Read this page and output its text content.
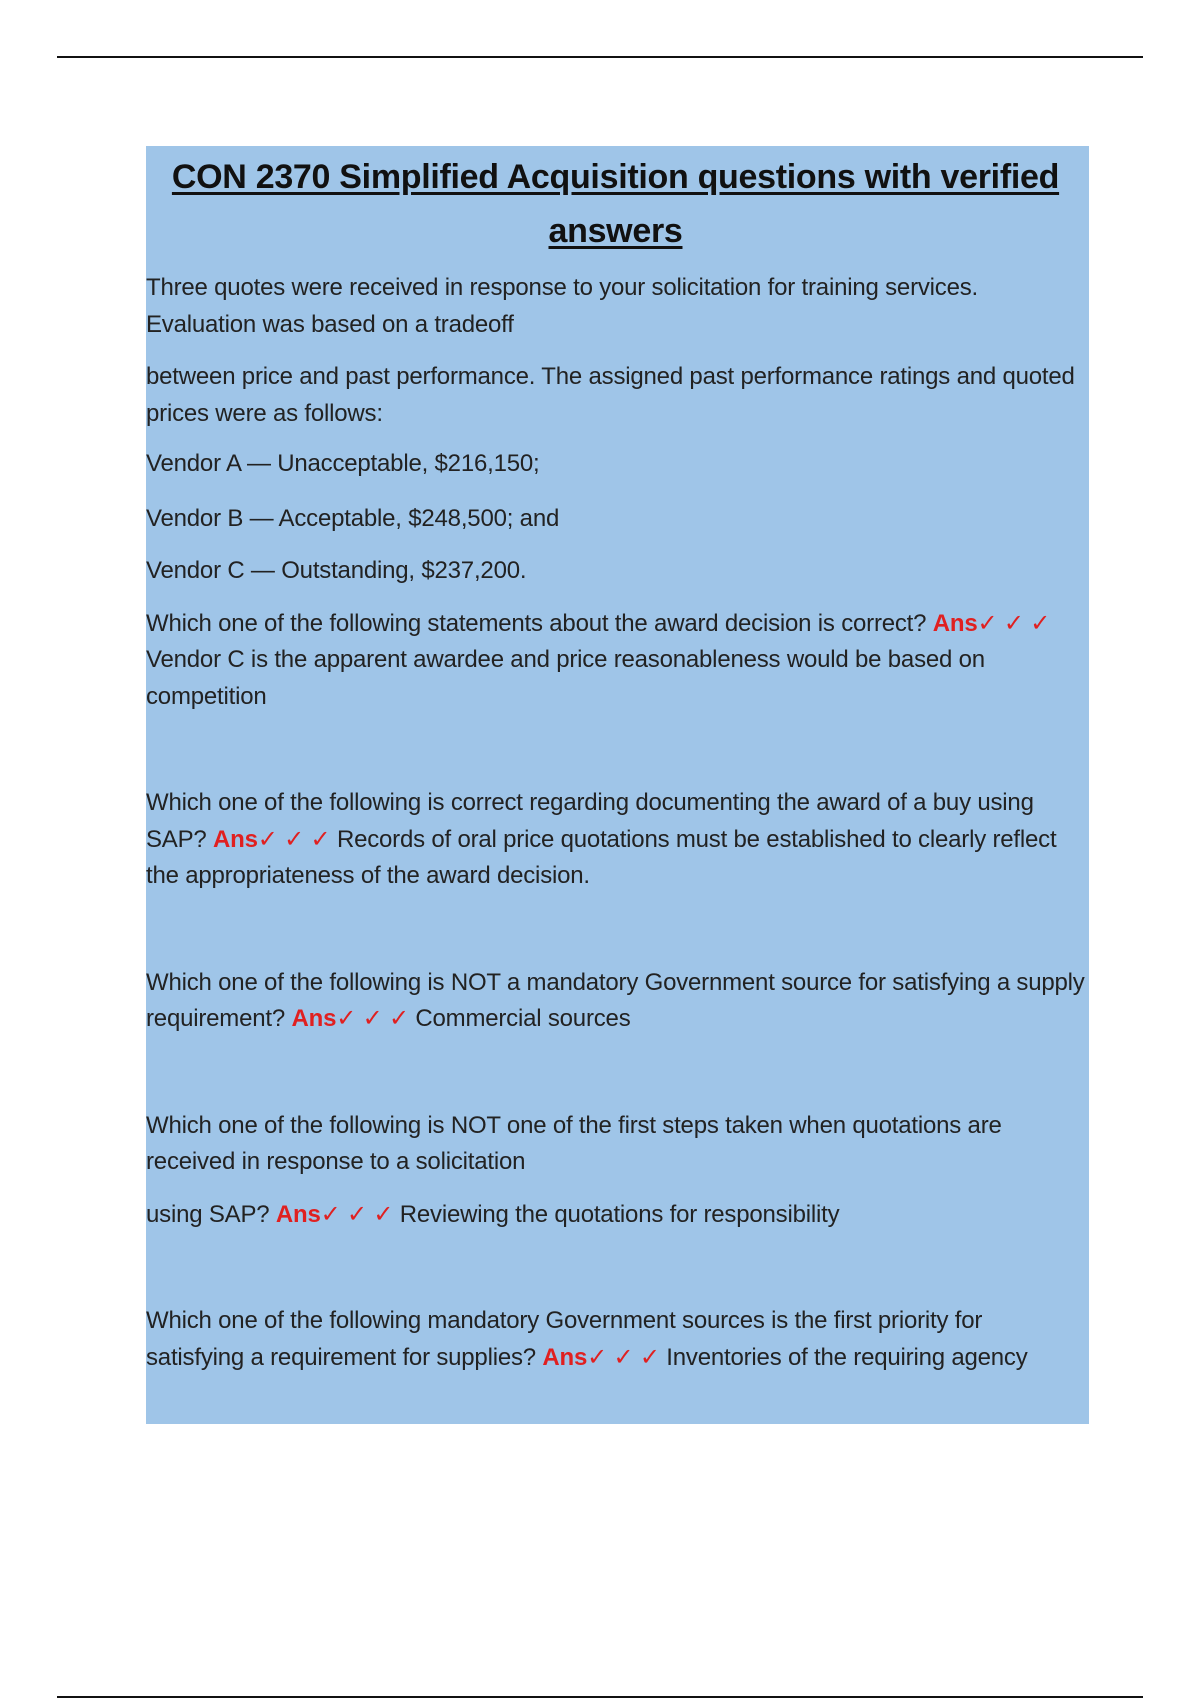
CON 2370 Simplified Acquisition questions with verified answers

Three quotes were received in response to your solicitation for training services. Evaluation was based on a tradeoff

between price and past performance. The assigned past performance ratings and quoted prices were as follows:

Vendor A — Unacceptable, $216,150;

Vendor B — Acceptable, $248,500; and

Vendor C — Outstanding, $237,200.

Which one of the following statements about the award decision is correct? Ans✓ ✓ ✓ Vendor C is the apparent awardee and price reasonableness would be based on competition

Which one of the following is correct regarding documenting the award of a buy using SAP? Ans✓ ✓ ✓ Records of oral price quotations must be established to clearly reflect the appropriateness of the award decision.

Which one of the following is NOT a mandatory Government source for satisfying a supply requirement? Ans✓ ✓ ✓ Commercial sources

Which one of the following is NOT one of the first steps taken when quotations are received in response to a solicitation

using SAP? Ans✓ ✓ ✓ Reviewing the quotations for responsibility

Which one of the following mandatory Government sources is the first priority for satisfying a requirement for supplies? Ans✓ ✓ ✓ Inventories of the requiring agency
